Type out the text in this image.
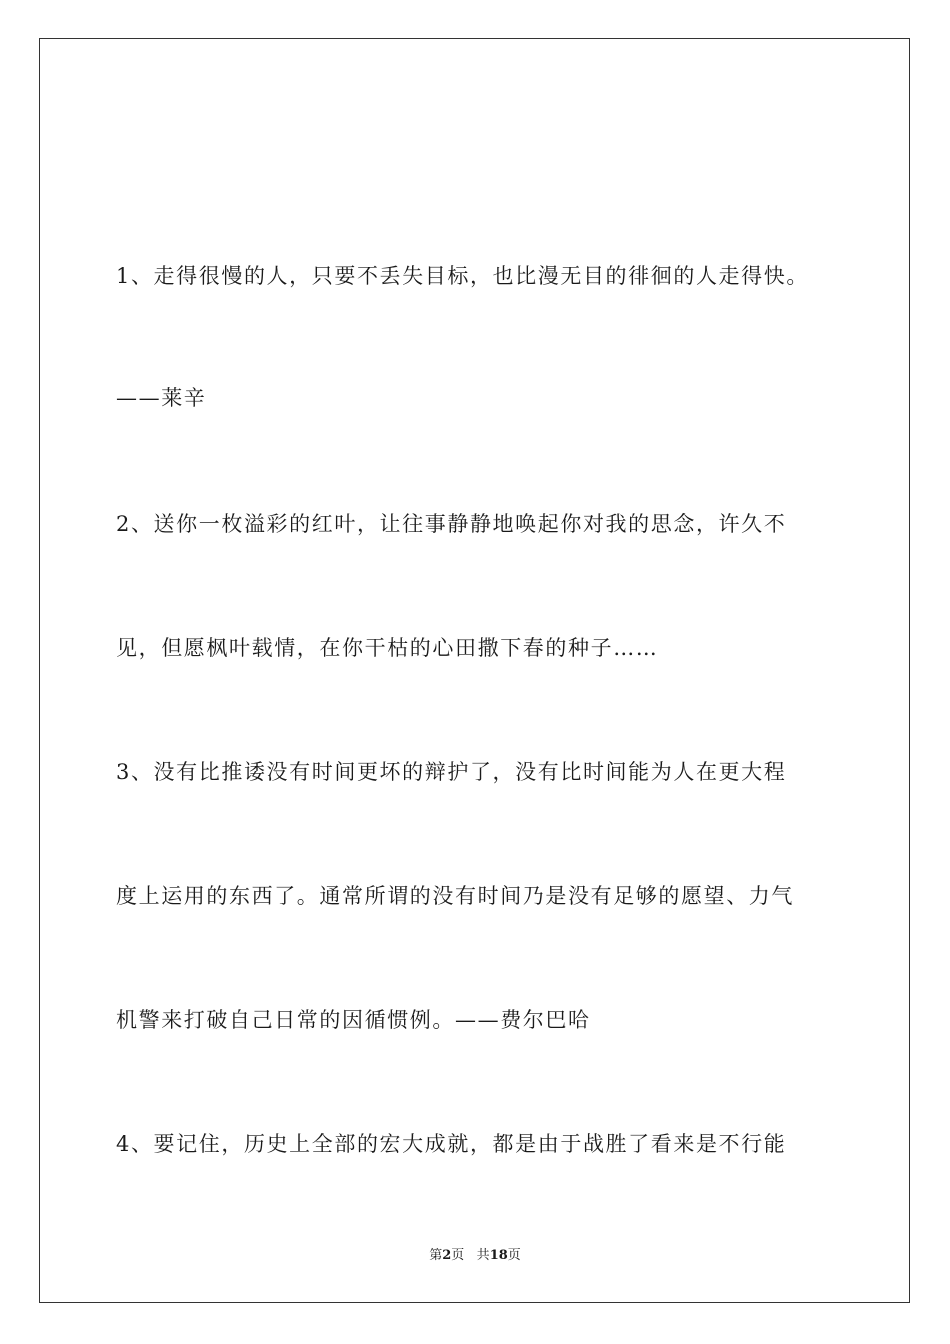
1、走得很慢的人，只要不丢失目标，也比漫无目的徘徊的人走得快。
——莱辛
2、送你一枚溢彩的红叶，让往事静静地唤起你对我的思念，许久不
见，但愿枫叶载情，在你干枯的心田撒下春的种子……
3、没有比推诿没有时间更坏的辩护了，没有比时间能为人在更大程
度上运用的东西了。通常所谓的没有时间乃是没有足够的愿望、力气
机警来打破自己日常的因循惯例。——费尔巴哈
4、要记住，历史上全部的宏大成就，都是由于战胜了看来是不行能
第2页 共18页
